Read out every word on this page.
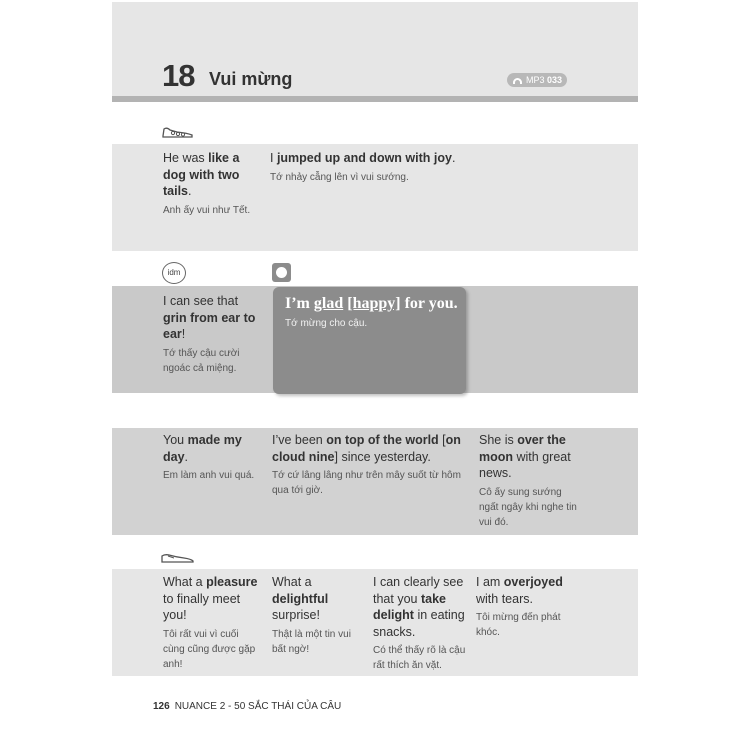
18 Vui mừng	MP3 033
He was like a dog with two tails.
Anh ấy vui như Tết.
I jumped up and down with joy.
Tớ nhảy cẫng lên vì vui sướng.
idm
I can see that grin from ear to ear!
Tớ thấy cậu cười ngoác cả miệng.
I’m glad [happy] for you.
Tớ mừng cho cậu.
You made my day.
Em làm anh vui quá.
I’ve been on top of the world [on cloud nine] since yesterday.
Tớ cứ lâng lâng như trên mây suốt từ hôm qua tới giờ.
She is over the moon with great news.
Cô ấy sung sướng ngất ngây khi nghe tin vui đó.
What a pleasure to finally meet you!
Tôi rất vui vì cuối cùng cũng được gặp anh!
What a delightful surprise!
Thật là một tin vui bất ngờ!
I can clearly see that you take delight in eating snacks.
Có thể thấy rõ là cậu rất thích ăn vặt.
I am overjoyed with tears.
Tôi mừng đến phát khóc.
126 NUANCE 2 - 50 SẮC THÁI CỦA CÂU
